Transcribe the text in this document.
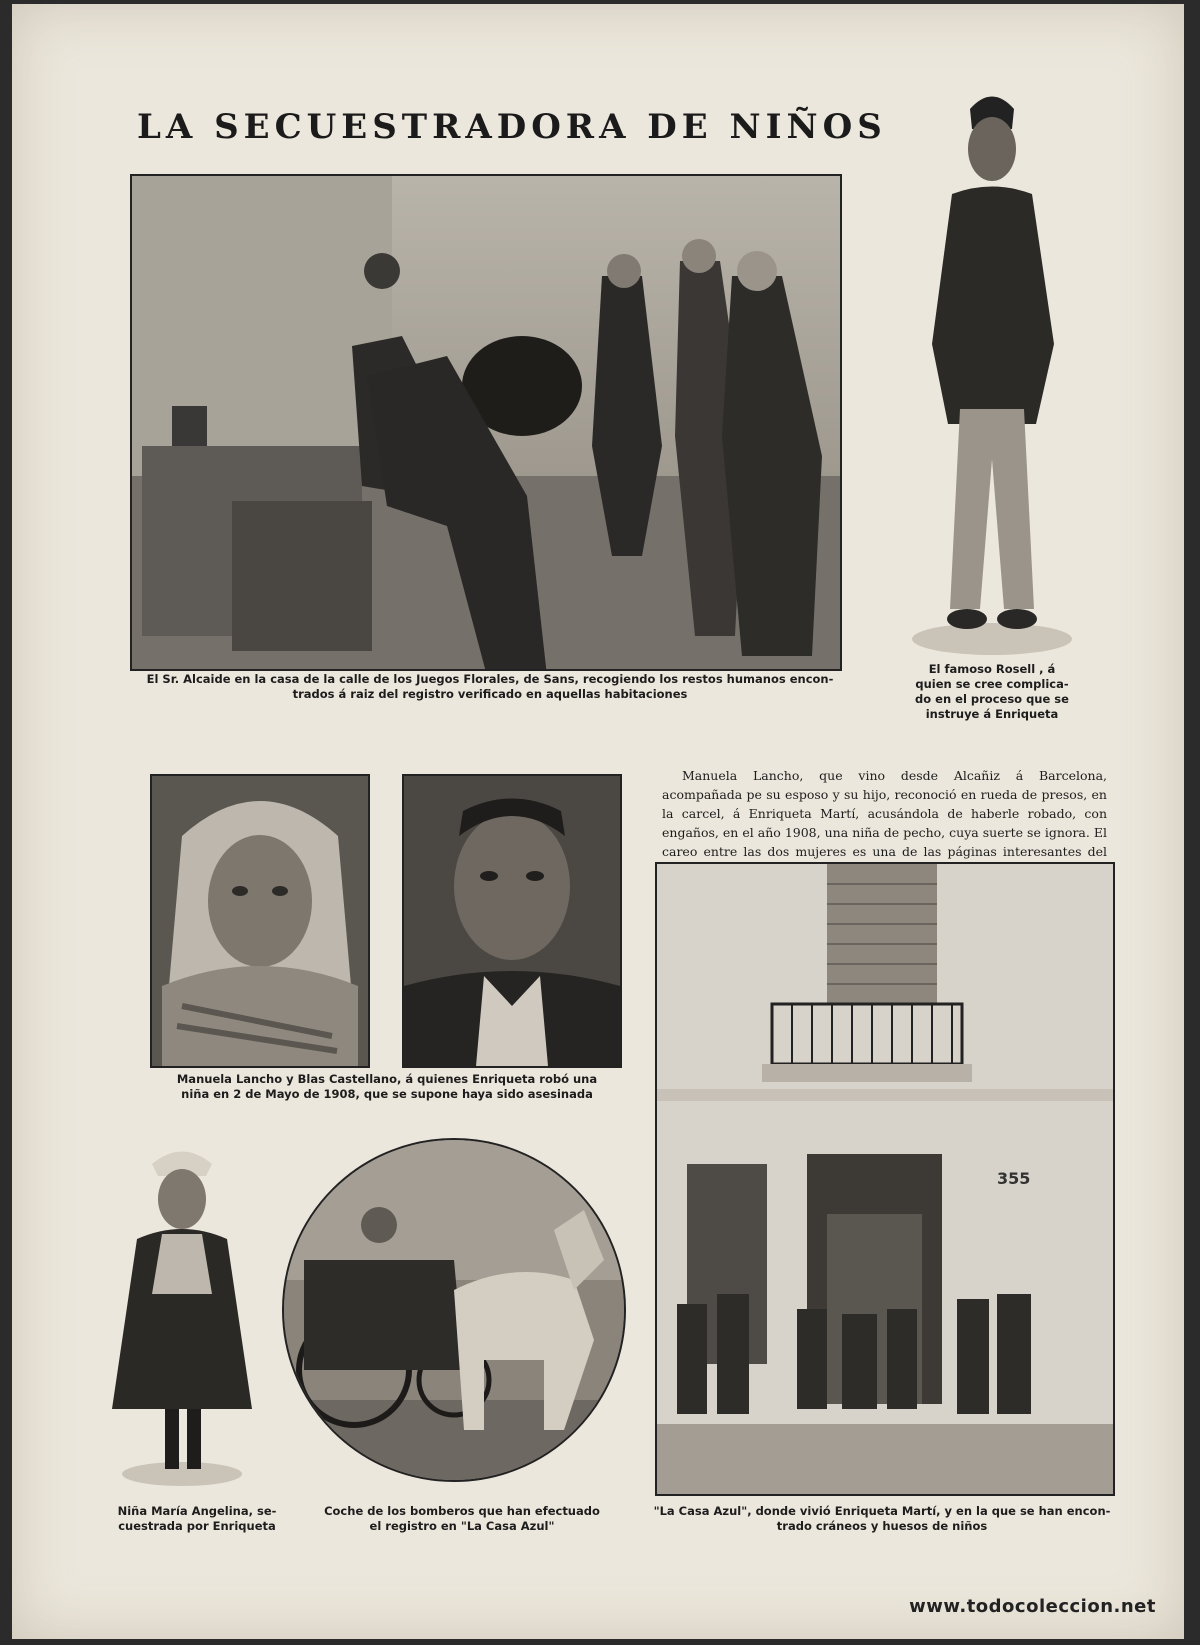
LA SECUESTRADORA DE NIÑOS
El Sr. Alcaide en la casa de la calle de los Juegos Florales, de Sans, recogiendo los restos humanos encon-
trados á raiz del registro verificado en aquellas habitaciones
El famoso Rosell , á
quien se cree complica-
do en el proceso que se
instruye á Enriqueta
Manuela Lancho y Blas Castellano, á quienes Enriqueta robó una
niña en 2 de Mayo de 1908, que se supone haya sido asesinada
Manuela Lancho, que vino desde Alcañiz á Barcelona, acompañada pe su esposo y su hijo, reconoció en rueda de presos, en la carcel, á Enriqueta Martí, acusándola de haberle robado, con engaños, en el año 1908, una niña de pecho, cuya suerte se ignora. El careo entre las dos mujeres es una de las páginas interesantes del
355
"La Casa Azul", donde vivió Enriqueta Martí, y en la que se han encon-
trado cráneos y huesos de niños
Niña María Angelina, se-
cuestrada por Enriqueta
Coche de los bomberos que han efectuado
el registro en "La Casa Azul"
www.todocoleccion.net
